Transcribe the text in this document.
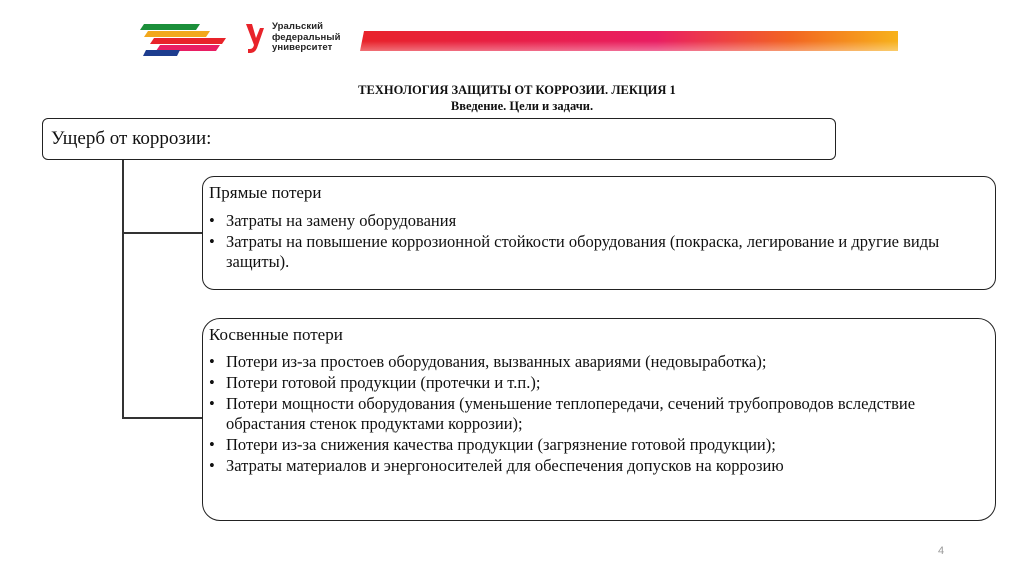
Уральский
федеральный
университет
ТЕХНОЛОГИЯ ЗАЩИТЫ ОТ КОРРОЗИИ. ЛЕКЦИЯ 1
Введение. Цели и задачи.
Ущерб от коррозии:
Прямые потери
• Затраты на замену оборудования
• Затраты на повышение коррозионной стойкости оборудования (покраска, легирование и другие виды защиты).
Косвенные потери
• Потери из-за простоев оборудования, вызванных авариями (недовыработка);
• Потери готовой продукции (протечки и т.п.);
• Потери мощности оборудования (уменьшение теплопередачи, сечений трубопроводов вследствие обрастания стенок продуктами коррозии);
• Потери из-за снижения качества продукции (загрязнение готовой продукции);
• Затраты материалов и энергоносителей для обеспечения допусков на коррозию
4
